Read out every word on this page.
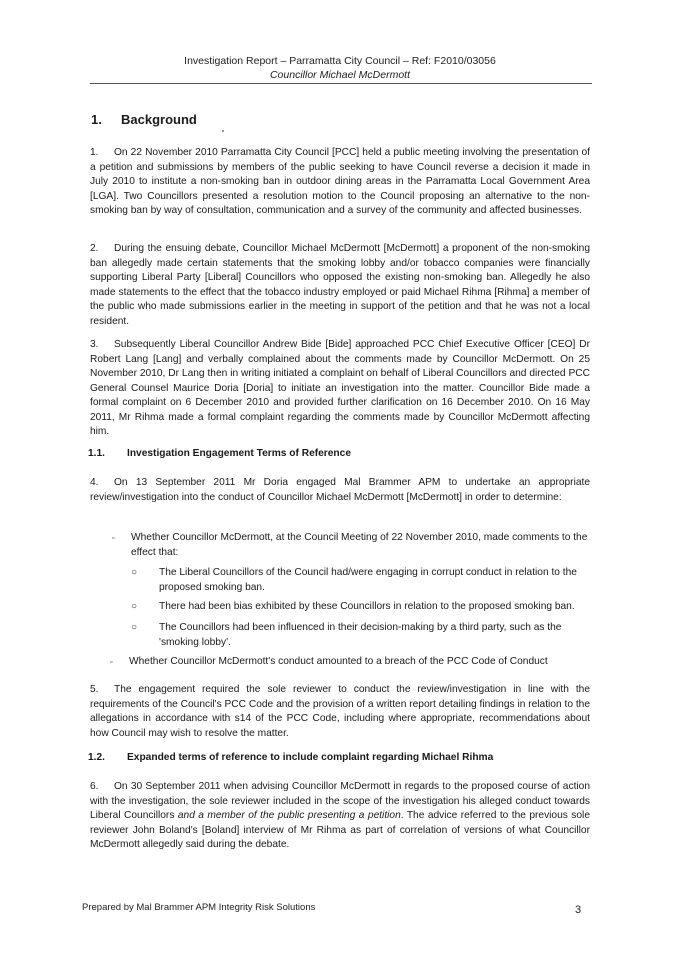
Investigation Report – Parramatta City Council – Ref: F2010/03056
Councillor Michael McDermott
1. Background
1. On 22 November 2010 Parramatta City Council [PCC] held a public meeting involving the presentation of a petition and submissions by members of the public seeking to have Council reverse a decision it made in July 2010 to institute a non-smoking ban in outdoor dining areas in the Parramatta Local Government Area [LGA]. Two Councillors presented a resolution motion to the Council proposing an alternative to the non-smoking ban by way of consultation, communication and a survey of the community and affected businesses.
2. During the ensuing debate, Councillor Michael McDermott [McDermott] a proponent of the non-smoking ban allegedly made certain statements that the smoking lobby and/or tobacco companies were financially supporting Liberal Party [Liberal] Councillors who opposed the existing non-smoking ban. Allegedly he also made statements to the effect that the tobacco industry employed or paid Michael Rihma [Rihma] a member of the public who made submissions earlier in the meeting in support of the petition and that he was not a local resident.
3. Subsequently Liberal Councillor Andrew Bide [Bide] approached PCC Chief Executive Officer [CEO] Dr Robert Lang [Lang] and verbally complained about the comments made by Councillor McDermott. On 25 November 2010, Dr Lang then in writing initiated a complaint on behalf of Liberal Councillors and directed PCC General Counsel Maurice Doria [Doria] to initiate an investigation into the matter. Councillor Bide made a formal complaint on 6 December 2010 and provided further clarification on 16 December 2010. On 16 May 2011, Mr Rihma made a formal complaint regarding the comments made by Councillor McDermott affecting him.
1.1. Investigation Engagement Terms of Reference
4. On 13 September 2011 Mr Doria engaged Mal Brammer APM to undertake an appropriate review/investigation into the conduct of Councillor Michael McDermott [McDermott] in order to determine:
▫	Whether Councillor McDermott, at the Council Meeting of 22 November 2010, made comments to the effect that:
○	The Liberal Councillors of the Council had/were engaging in corrupt conduct in relation to the proposed smoking ban.
○	There had been bias exhibited by these Councillors in relation to the proposed smoking ban.
○	The Councillors had been influenced in their decision-making by a third party, such as the 'smoking lobby'.
▫	Whether Councillor McDermott's conduct amounted to a breach of the PCC Code of Conduct
5. The engagement required the sole reviewer to conduct the review/investigation in line with the requirements of the Council's PCC Code and the provision of a written report detailing findings in relation to the allegations in accordance with s14 of the PCC Code, including where appropriate, recommendations about how Council may wish to resolve the matter.
1.2. Expanded terms of reference to include complaint regarding Michael Rihma
6. On 30 September 2011 when advising Councillor McDermott in regards to the proposed course of action with the investigation, the sole reviewer included in the scope of the investigation his alleged conduct towards Liberal Councillors and a member of the public presenting a petition. The advice referred to the previous sole reviewer John Boland's [Boland] interview of Mr Rihma as part of correlation of versions of what Councillor McDermott allegedly said during the debate.
Prepared by Mal Brammer APM Integrity Risk Solutions	3
